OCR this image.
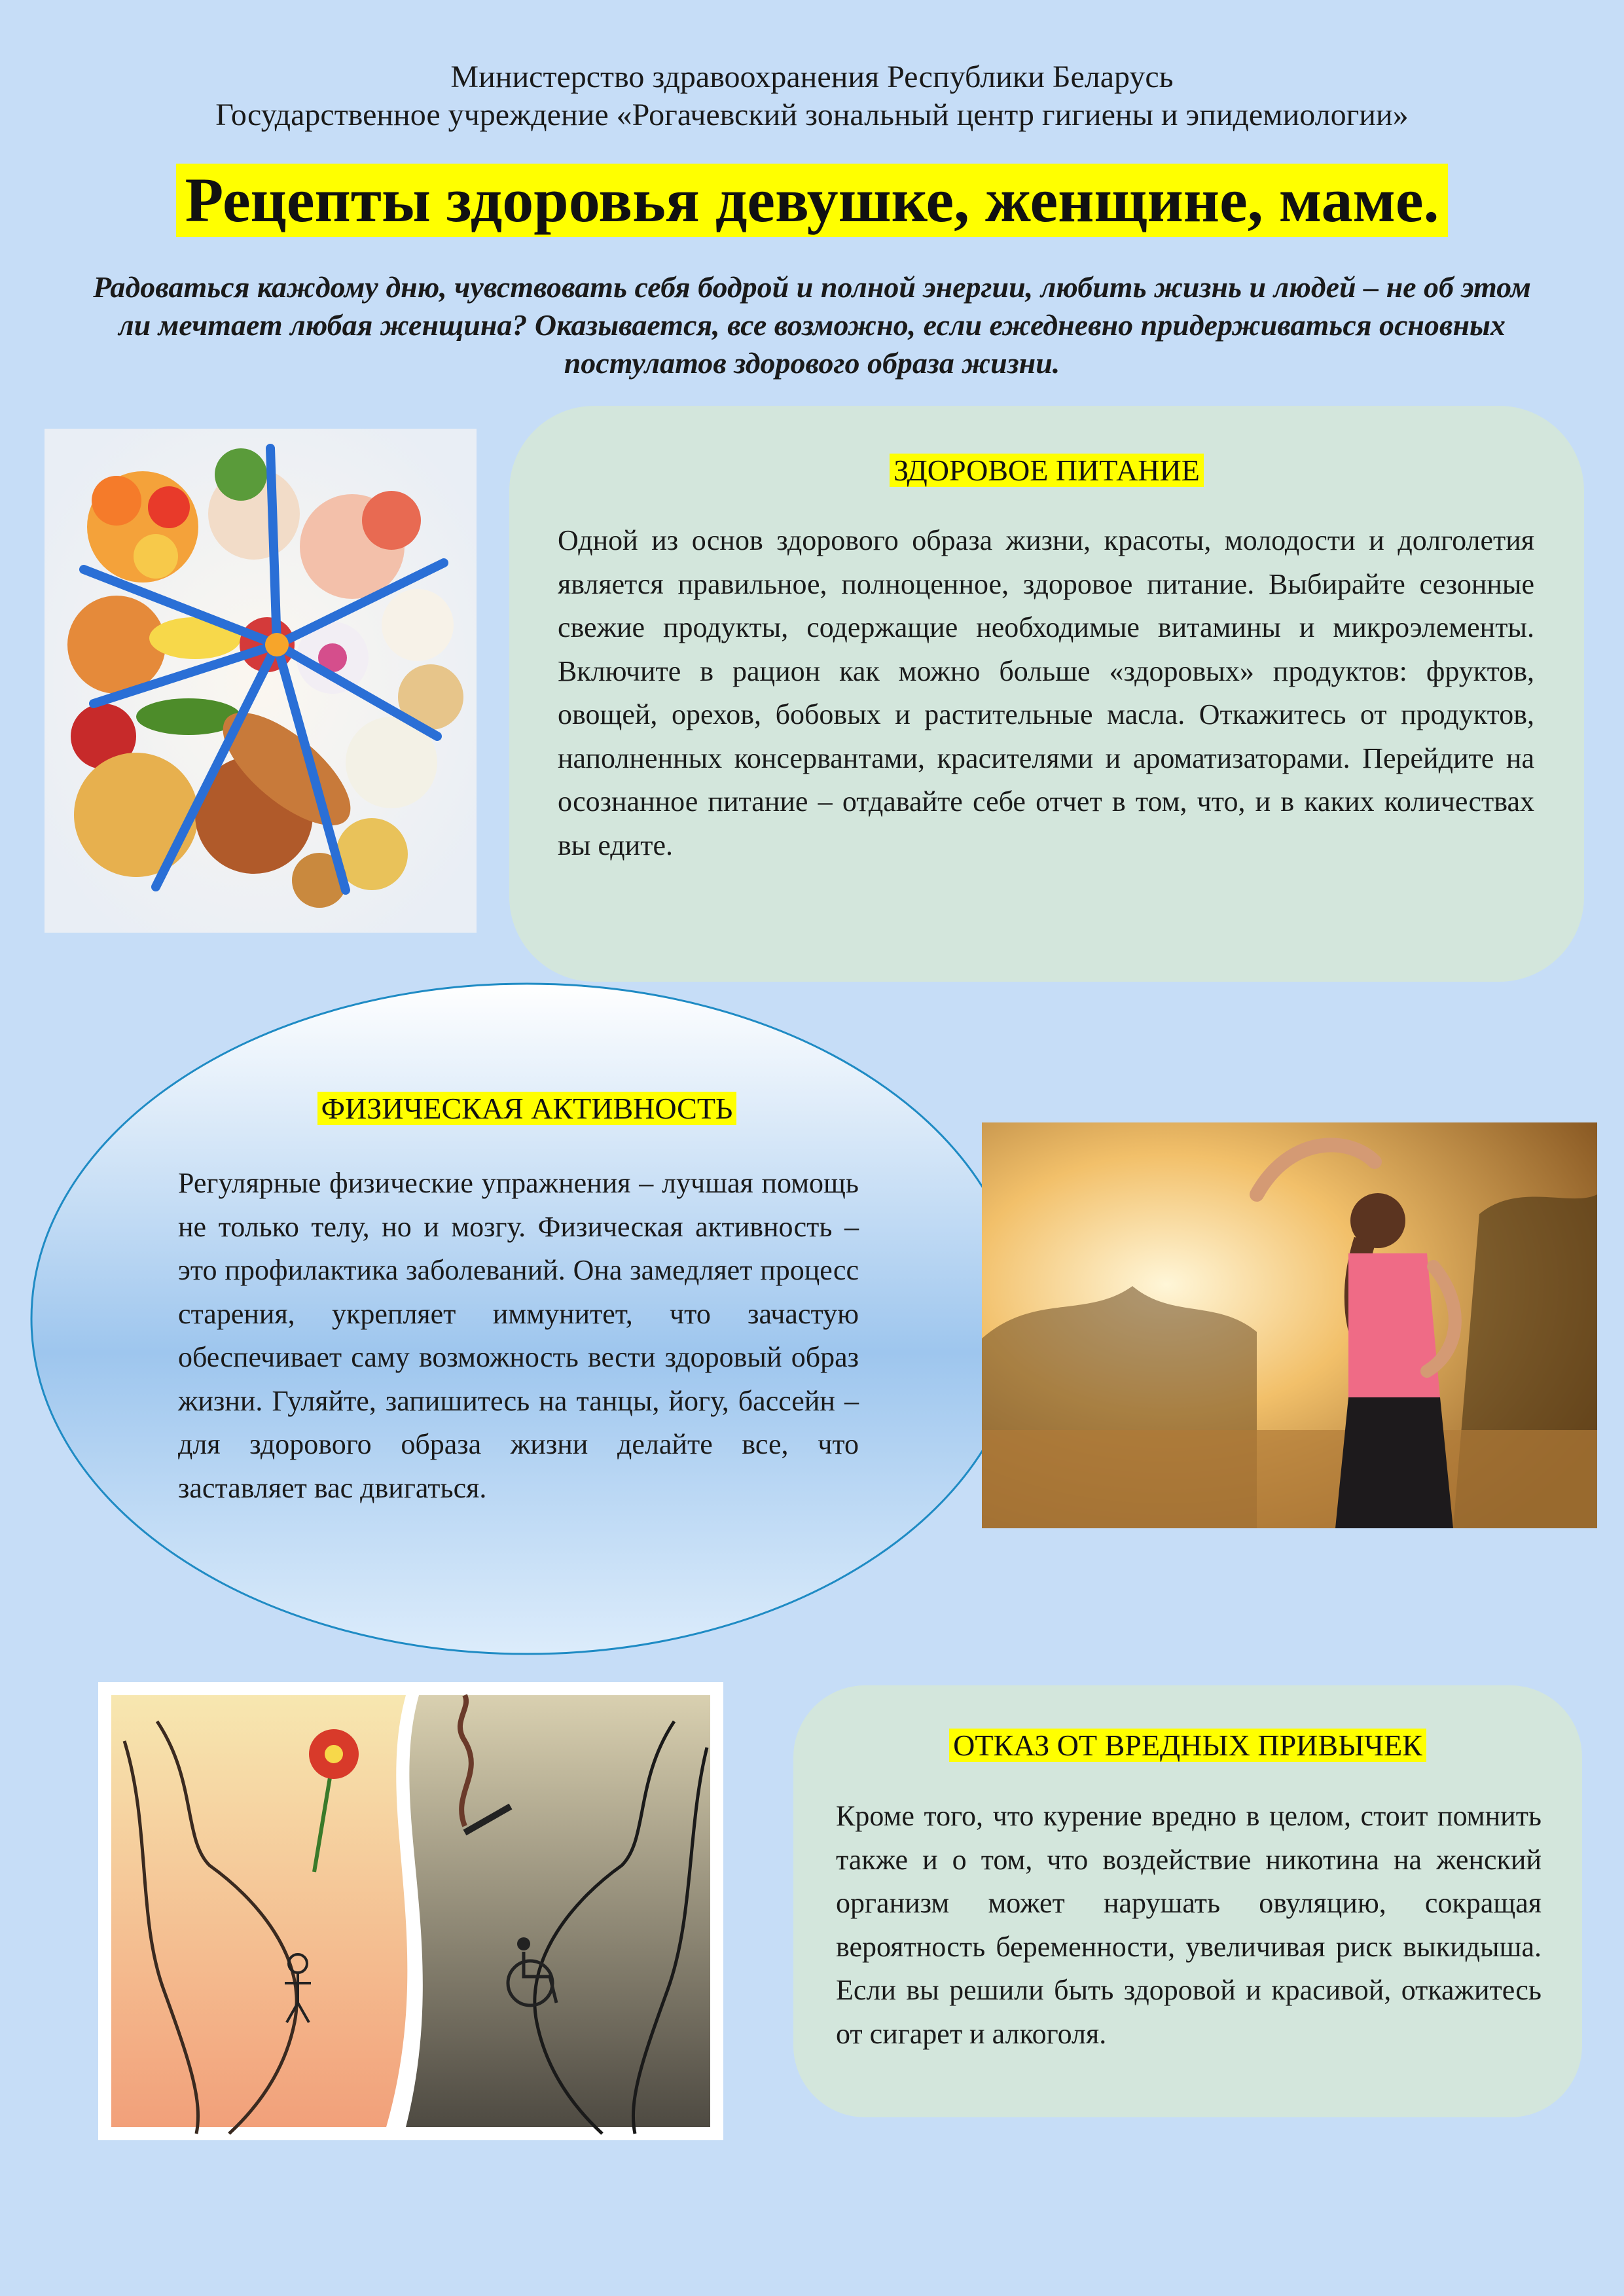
Министерство здравоохранения Республики Беларусь
Государственное учреждение «Рогачевский зональный центр гигиены и эпидемиологии»
Рецепты здоровья девушке, женщине, маме.
Радоваться каждому дню, чувствовать себя бодрой и полной энергии, любить жизнь и людей – не об этом ли мечтает любая женщина? Оказывается, все возможно, если ежедневно придерживаться основных постулатов здорового образа жизни.
ЗДОРОВОЕ ПИТАНИЕ
Одной из основ здорового образа жизни, красоты, молодости и долголетия является правильное, полноценное, здоровое питание. Выбирайте сезонные свежие продукты, содержащие необходимые витамины и микроэлементы. Включите в рацион как можно больше «здоровых» продуктов: фруктов, овощей, орехов, бобовых и растительные масла. Откажитесь от продуктов, наполненных консервантами, красителями и ароматизаторами. Перейдите на осознанное питание – отдавайте себе отчет в том, что, и в каких количествах вы едите.
ФИЗИЧЕСКАЯ АКТИВНОСТЬ
Регулярные физические упражнения – лучшая помощь не только телу, но и мозгу. Физическая активность – это профилактика заболеваний. Она замедляет процесс старения, укрепляет иммунитет, что зачастую обеспечивает саму возможность вести здоровый образ жизни. Гуляйте, запишитесь на танцы, йогу, бассейн – для здорового образа жизни делайте все, что заставляет вас двигаться.
ОТКАЗ ОТ ВРЕДНЫХ ПРИВЫЧЕК
Кроме того, что курение вредно в целом, стоит помнить также и о том, что воздействие никотина на женский организм может нарушать овуляцию, сокращая вероятность беременности, увеличивая риск выкидыша. Если вы решили быть здоровой и красивой, откажитесь от сигарет и алкоголя.
